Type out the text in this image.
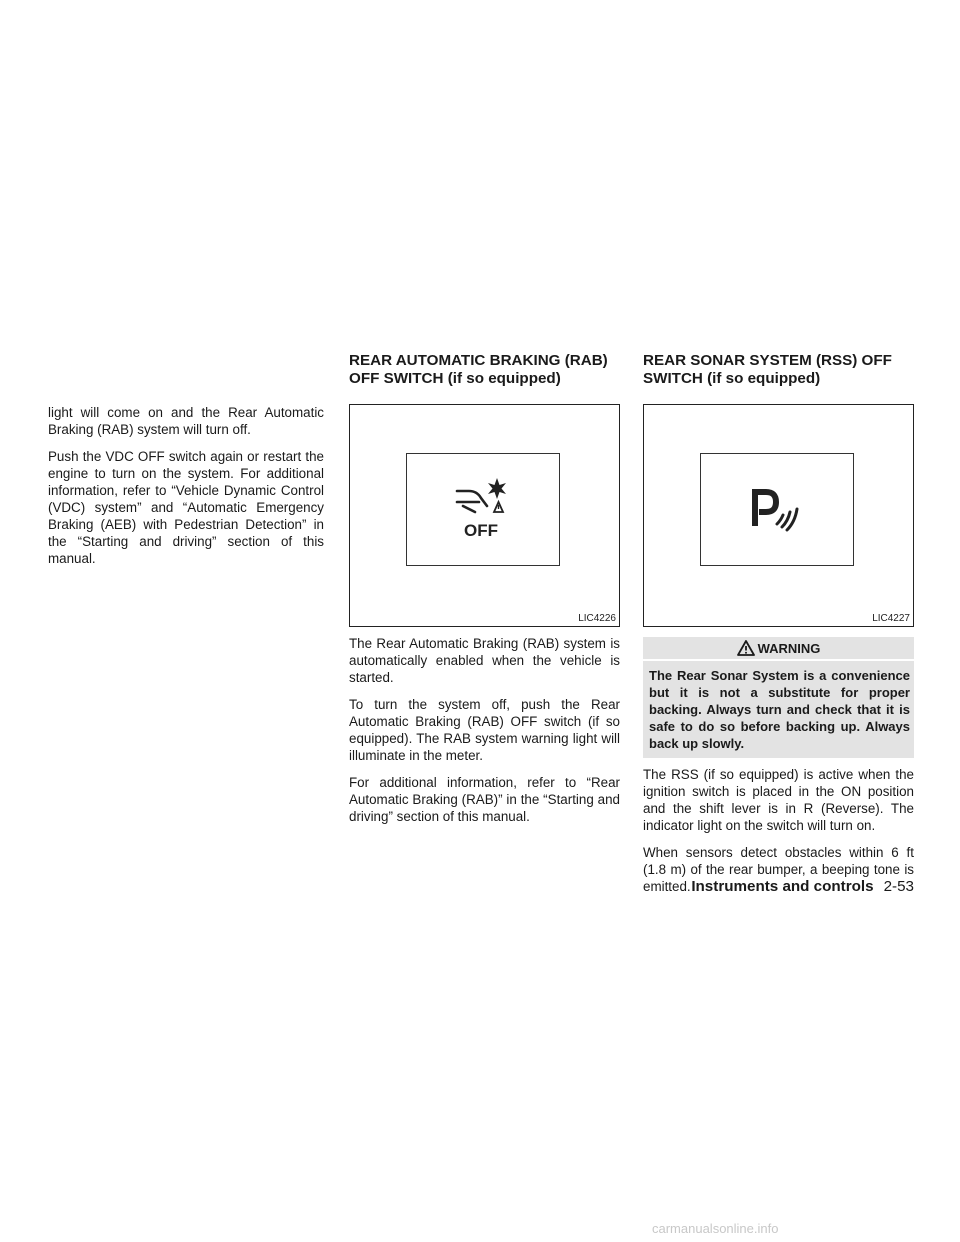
light will come on and the Rear Automatic Braking (RAB) system will turn off.

Push the VDC OFF switch again or restart the engine to turn on the system. For additional information, refer to “Vehicle Dynamic Control (VDC) system” and “Automatic Emergency Braking (AEB) with Pedestrian Detection” in the “Starting and driving” section of this manual.

REAR AUTOMATIC BRAKING (RAB) OFF SWITCH (if so equipped)
OFF
LIC4226

The Rear Automatic Braking (RAB) system is automatically enabled when the vehicle is started.

To turn the system off, push the Rear Automatic Braking (RAB) OFF switch (if so equipped). The RAB system warning light will illuminate in the meter.

For additional information, refer to “Rear Automatic Braking (RAB)” in the “Starting and driving” section of this manual.

REAR SONAR SYSTEM (RSS) OFF SWITCH (if so equipped)
LIC4227
WARNING
The Rear Sonar System is a convenience but it is not a substitute for proper backing. Always turn and check that it is safe to do so before backing up. Always back up slowly.

The RSS (if so equipped) is active when the ignition switch is placed in the ON position and the shift lever is in R (Reverse). The indicator light on the switch will turn on.

When sensors detect obstacles within 6 ft (1.8 m) of the rear bumper, a beeping tone is emitted. Instruments and controls 2-53
carmanualsonline.info
